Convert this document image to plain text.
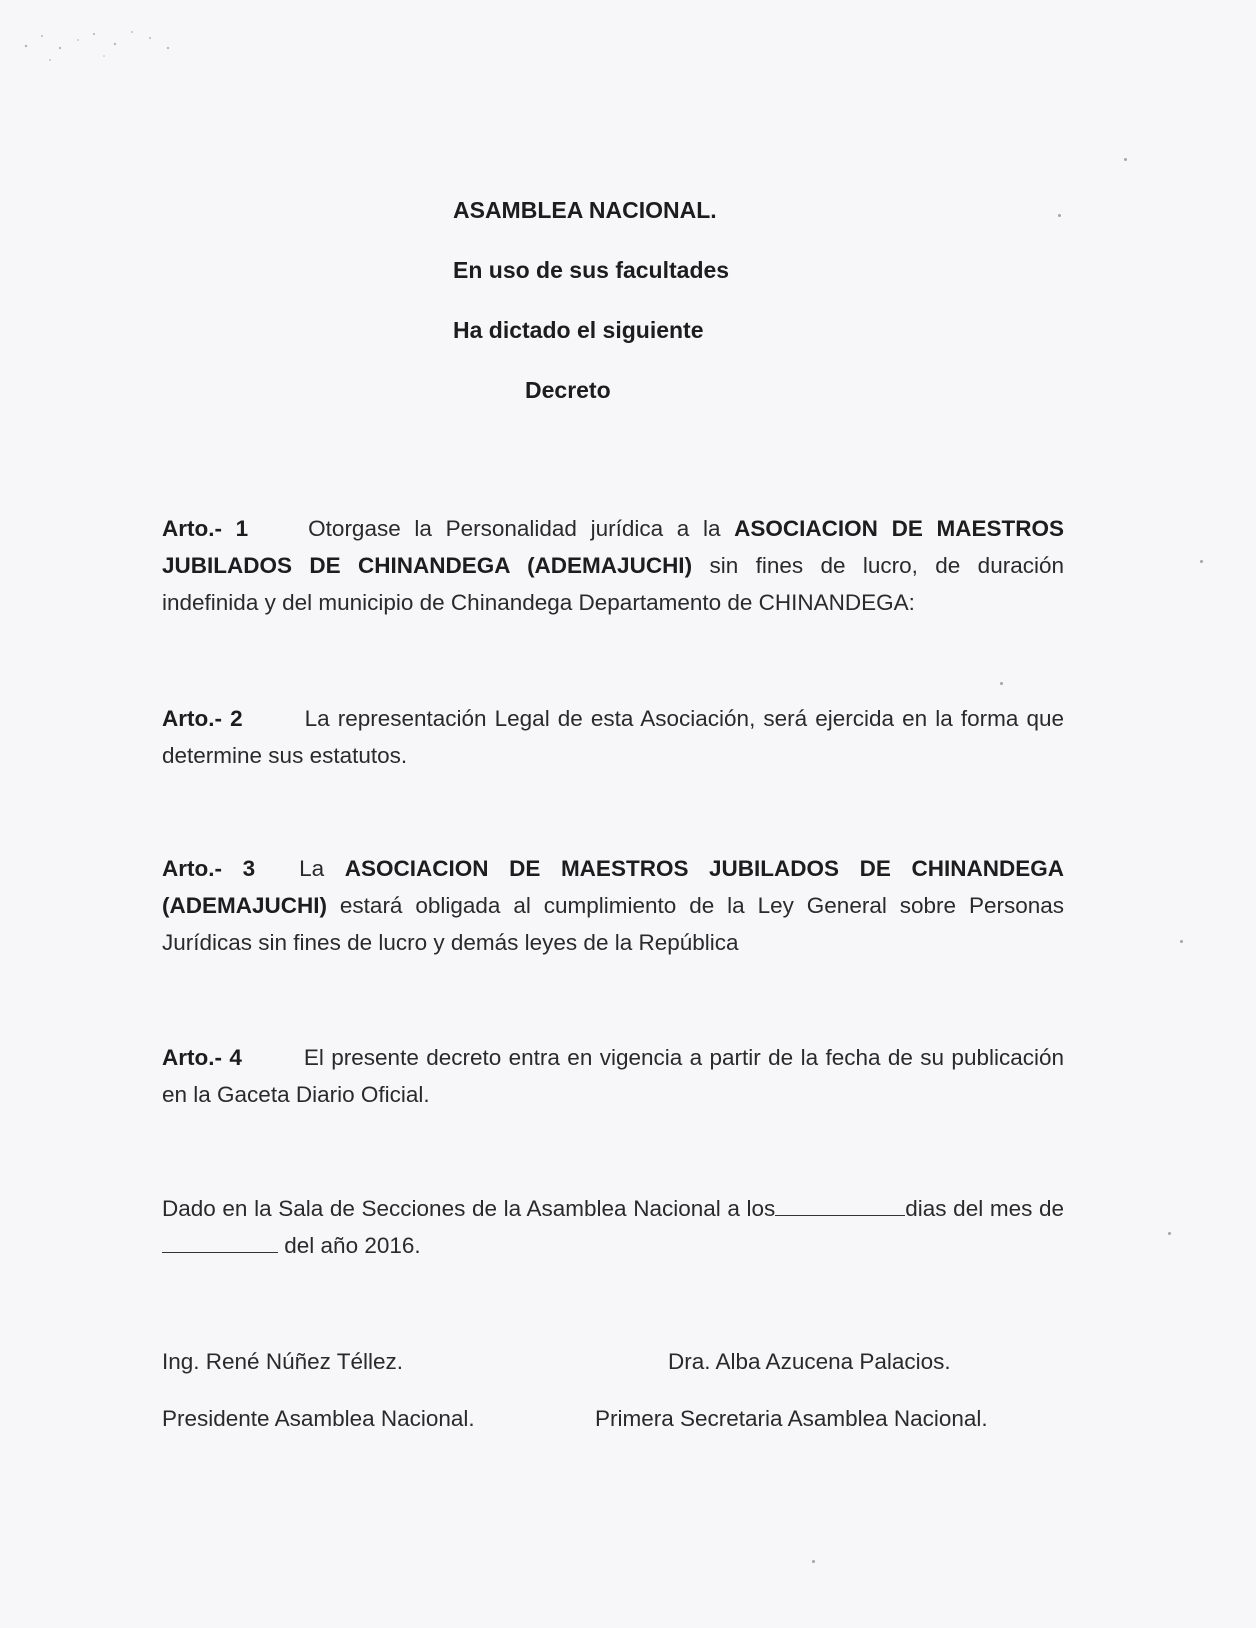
ASAMBLEA NACIONAL.
En uso de sus facultades
Ha dictado el siguiente
Decreto
Arto.- 1	Otorgase la Personalidad jurídica a la ASOCIACION DE MAESTROS JUBILADOS DE CHINANDEGA (ADEMAJUCHI) sin fines de lucro, de duración indefinida y del municipio de Chinandega Departamento de CHINANDEGA:
Arto.- 2	La representación Legal de esta Asociación, será ejercida en la forma que determine sus estatutos.
Arto.- 3 La ASOCIACION DE MAESTROS JUBILADOS DE CHINANDEGA (ADEMAJUCHI) estará obligada al cumplimiento de la Ley General sobre Personas Jurídicas sin fines de lucro y demás leyes de la República
Arto.- 4	El presente decreto entra en vigencia a partir de la fecha de su publicación en la Gaceta Diario Oficial.
Dado en la Sala de Secciones de la Asamblea Nacional a los	dias del mes de  del año 2016.
Ing. René Núñez Téllez.
Presidente Asamblea Nacional.
Dra. Alba Azucena Palacios.
Primera Secretaria Asamblea Nacional.
